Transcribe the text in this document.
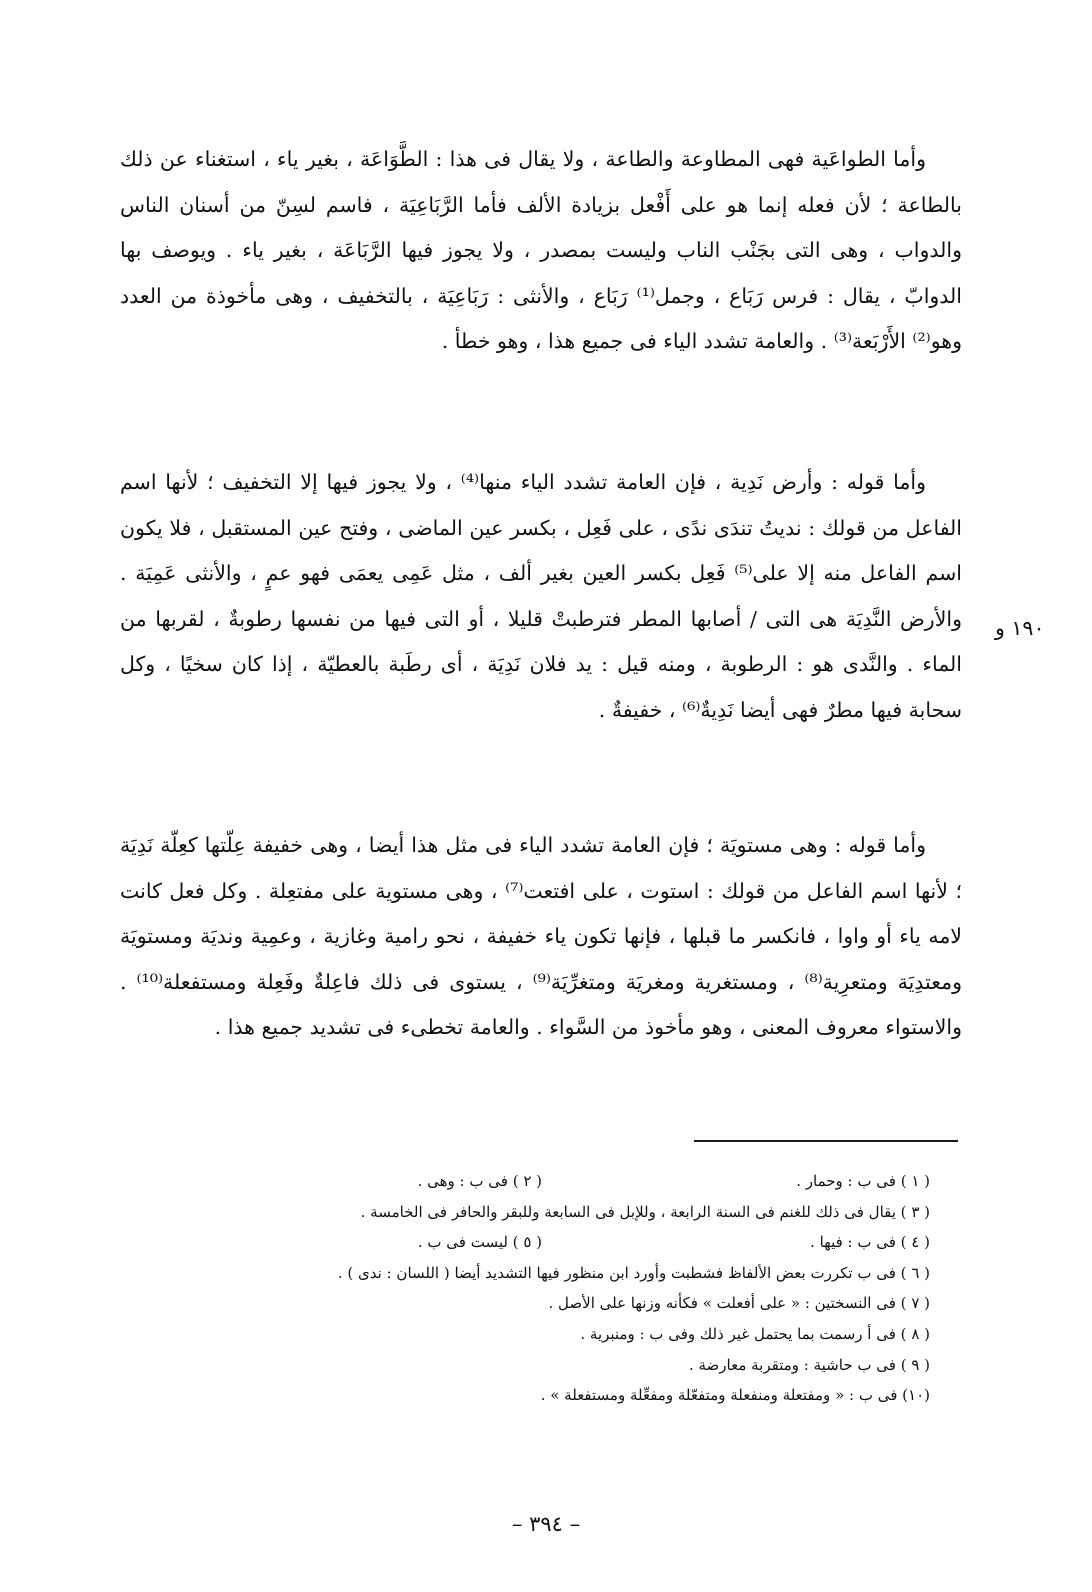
١٩٠ و

وأما الطواعَية فهى المطاوعة والطاعة ، ولا يقال فى هذا : الطَّوَاعَة ، بغير ياء ، استغناء عن ذلك بالطاعة ؛ لأن فعله إنما هو على أَفْعل بزيادة الألف فأما الرَّبَاعِيَة ، فاسم لسِنّ من أسنان الناس والدواب ، وهى التى بجَنْب الناب وليست بمصدر ، ولا يجوز فيها الرَّبَاعَة ، بغير ياء . ويوصف بها الدوابّ ، يقال : فرس رَبَاع ، وجمل⁽¹⁾ رَبَاع ، والأنثى : رَبَاعِيَة ، بالتخفيف ، وهى مأخوذة من العدد وهو⁽²⁾ الأَرْبَعة⁽³⁾ . والعامة تشدد الياء فى جميع هذا ، وهو خطأ .

وأما قوله : وأرض نَدِية ، فإن العامة تشدد الياء منها⁽⁴⁾ ، ولا يجوز فيها إلا التخفيف ؛ لأنها اسم الفاعل من قولك : نديتُ تندَى ندًى ، على فَعِل ، بكسر عين الماضى ، وفتح عين المستقبل ، فلا يكون اسم الفاعل منه إلا على⁽⁵⁾ فَعِل بكسر العين بغير ألف ، مثل عَمِى يعمَى فهو عمٍ ، والأنثى عَمِيَة . والأرض النَّدِيَة هى التى / أصابها المطر فترطبتْ قليلا ، أو التى فيها من نفسها رطوبةٌ ، لقربها من الماء . والنَّدى هو : الرطوبة ، ومنه قيل : يد فلان نَدِيَة ، أى رطَبة بالعطيّة ، إذا كان سخيًا ، وكل سحابة فيها مطرٌ فهى أيضا نَدِيةٌ⁽⁶⁾ ، خفيفةٌ .

وأما قوله : وهى مستويَة ؛ فإن العامة تشدد الياء فى مثل هذا أيضا ، وهى خفيفة عِلّتها كعِلّة نَدِيَة ؛ لأنها اسم الفاعل من قولك : استوت ، على افتعت⁽⁷⁾ ، وهى مستوية على مفتعِلة . وكل فعل كانت لامه ياء أو واوا ، فانكسر ما قبلها ، فإنها تكون ياء خفيفة ، نحو رامية وغازية ، وعمِية ونديَة ومستويَة ومعتدِيَة ومتعرِية⁽⁸⁾ ، ومستغرية ومغريَة ومتغرِّيَة⁽⁹⁾ ، يستوى فى ذلك فاعِلةٌ وفَعِلة ومستفعلة⁽¹⁰⁾ . والاستواء معروف المعنى ، وهو مأخوذ من السَّواء . والعامة تخطىء فى تشديد جميع هذا .

( ١ ) فى ب : وحمار .
( ٢ ) فى ب : وهى .
( ٣ ) يقال فى ذلك للغنم فى السنة الرابعة ، وللإبل فى السابعة وللبقر والحافر فى الخامسة .
( ٤ ) فى ب : فيها .
( ٥ ) ليست فى ب .
( ٦ ) فى ب تكررت بعض الألفاظ فشطبت وأورد ابن منظور فيها التشديد أيضا ( اللسان : ندى ) .
( ٧ ) فى النسختين : « على أفعلت » فكأنه وزنها على الأصل .
( ٨ ) فى أ رسمت بما يحتمل غير ذلك وفى ب : ومنبرية .
( ٩ ) فى ب حاشية : ومتقربة معارضة .
(١٠) فى ب : « ومفتعلة ومنفعلة ومتفعّلة ومفعِّلة ومستفعلة » .
– ٣٩٤ –
